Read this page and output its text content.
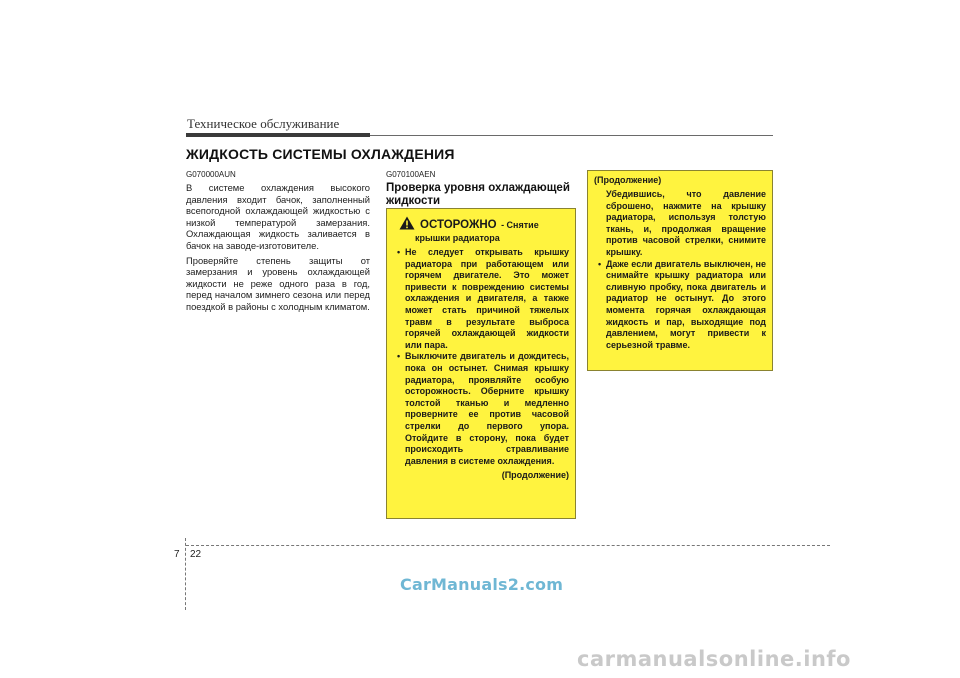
Техническое обслуживание
ЖИДКОСТЬ СИСТЕМЫ ОХЛАЖДЕНИЯ
G070000AUN

В системе охлаждения высокого давления входит бачок, заполненный всепогодной охлаждающей жидкостью с низкой температурой замерзания. Охлаждающая жидкость заливается в бачок на заводе-изготовителе.

Проверяйте степень защиты от замерзания и уровень охлаждающей жидкости не реже одного раза в год, перед началом зимнего сезона или перед поездкой в районы с холодным климатом.

G070100AEN
Проверка уровня охлаждающей жидкости
ОСТОРОЖНО - Снятие
крышки радиатора

• Не следует открывать крышку радиатора при работающем или горячем двигателе. Это может привести к повреждению системы охлаждения и двигателя, а также может стать причиной тяжелых травм в результате выброса горячей охлаждающей жидкости или пара.

• Выключите двигатель и дождитесь, пока он остынет. Снимая крышку радиатора, проявляйте особую осторожность. Оберните крышку толстой тканью и медленно проверните ее против часовой стрелки до первого упора. Отойдите в сторону, пока будет происходить стравливание давления в системе охлаждения.

(Продолжение)
(Продолжение)

Убедившись, что давление сброшено, нажмите на крышку радиатора, используя толстую ткань, и, продолжая вращение против часовой стрелки, снимите крышку.

• Даже если двигатель выключен, не снимайте крышку радиатора или сливную пробку, пока двигатель и радиатор не остынут. До этого момента горячая охлаждающая жидкость и пар, выходящие под давлением, могут привести к серьезной травме.

7 22
CarManuals2.com
carmanualsonline.info
